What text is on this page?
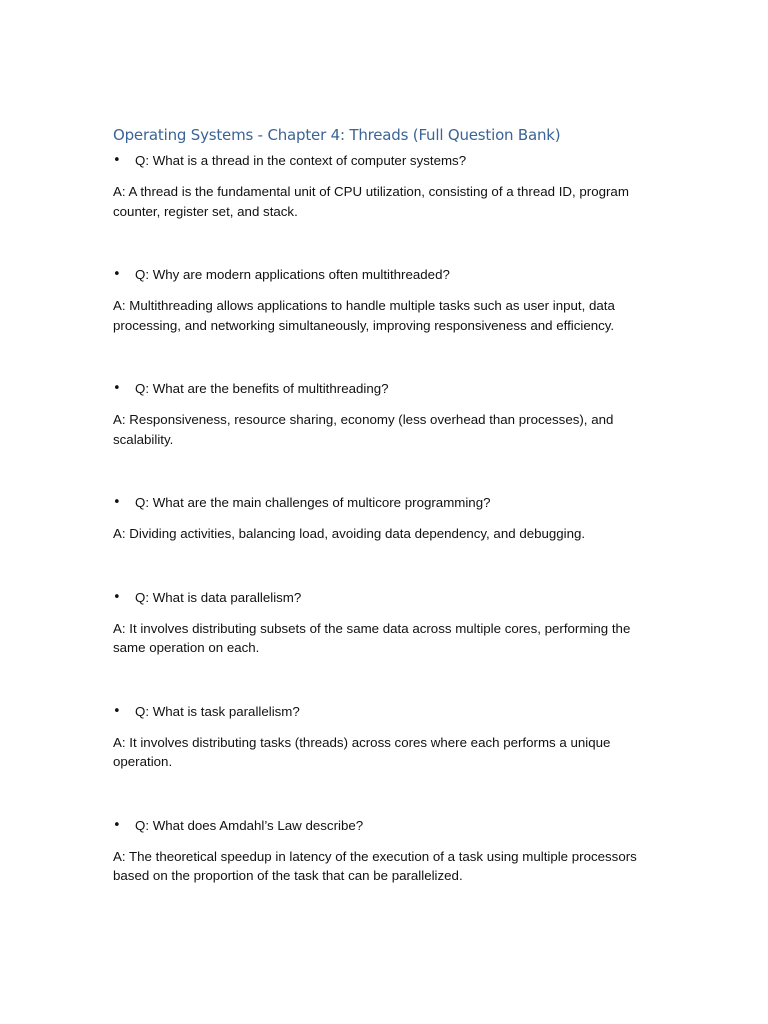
Operating Systems - Chapter 4: Threads (Full Question Bank)

• Q: What is a thread in the context of computer systems?

A: A thread is the fundamental unit of CPU utilization, consisting of a thread ID, program counter, register set, and stack.

• Q: Why are modern applications often multithreaded?

A: Multithreading allows applications to handle multiple tasks such as user input, data processing, and networking simultaneously, improving responsiveness and efficiency.

• Q: What are the benefits of multithreading?

A: Responsiveness, resource sharing, economy (less overhead than processes), and scalability.

• Q: What are the main challenges of multicore programming?

A: Dividing activities, balancing load, avoiding data dependency, and debugging.

• Q: What is data parallelism?

A: It involves distributing subsets of the same data across multiple cores, performing the same operation on each.

• Q: What is task parallelism?

A: It involves distributing tasks (threads) across cores where each performs a unique operation.

• Q: What does Amdahl’s Law describe?

A: The theoretical speedup in latency of the execution of a task using multiple processors based on the proportion of the task that can be parallelized.
